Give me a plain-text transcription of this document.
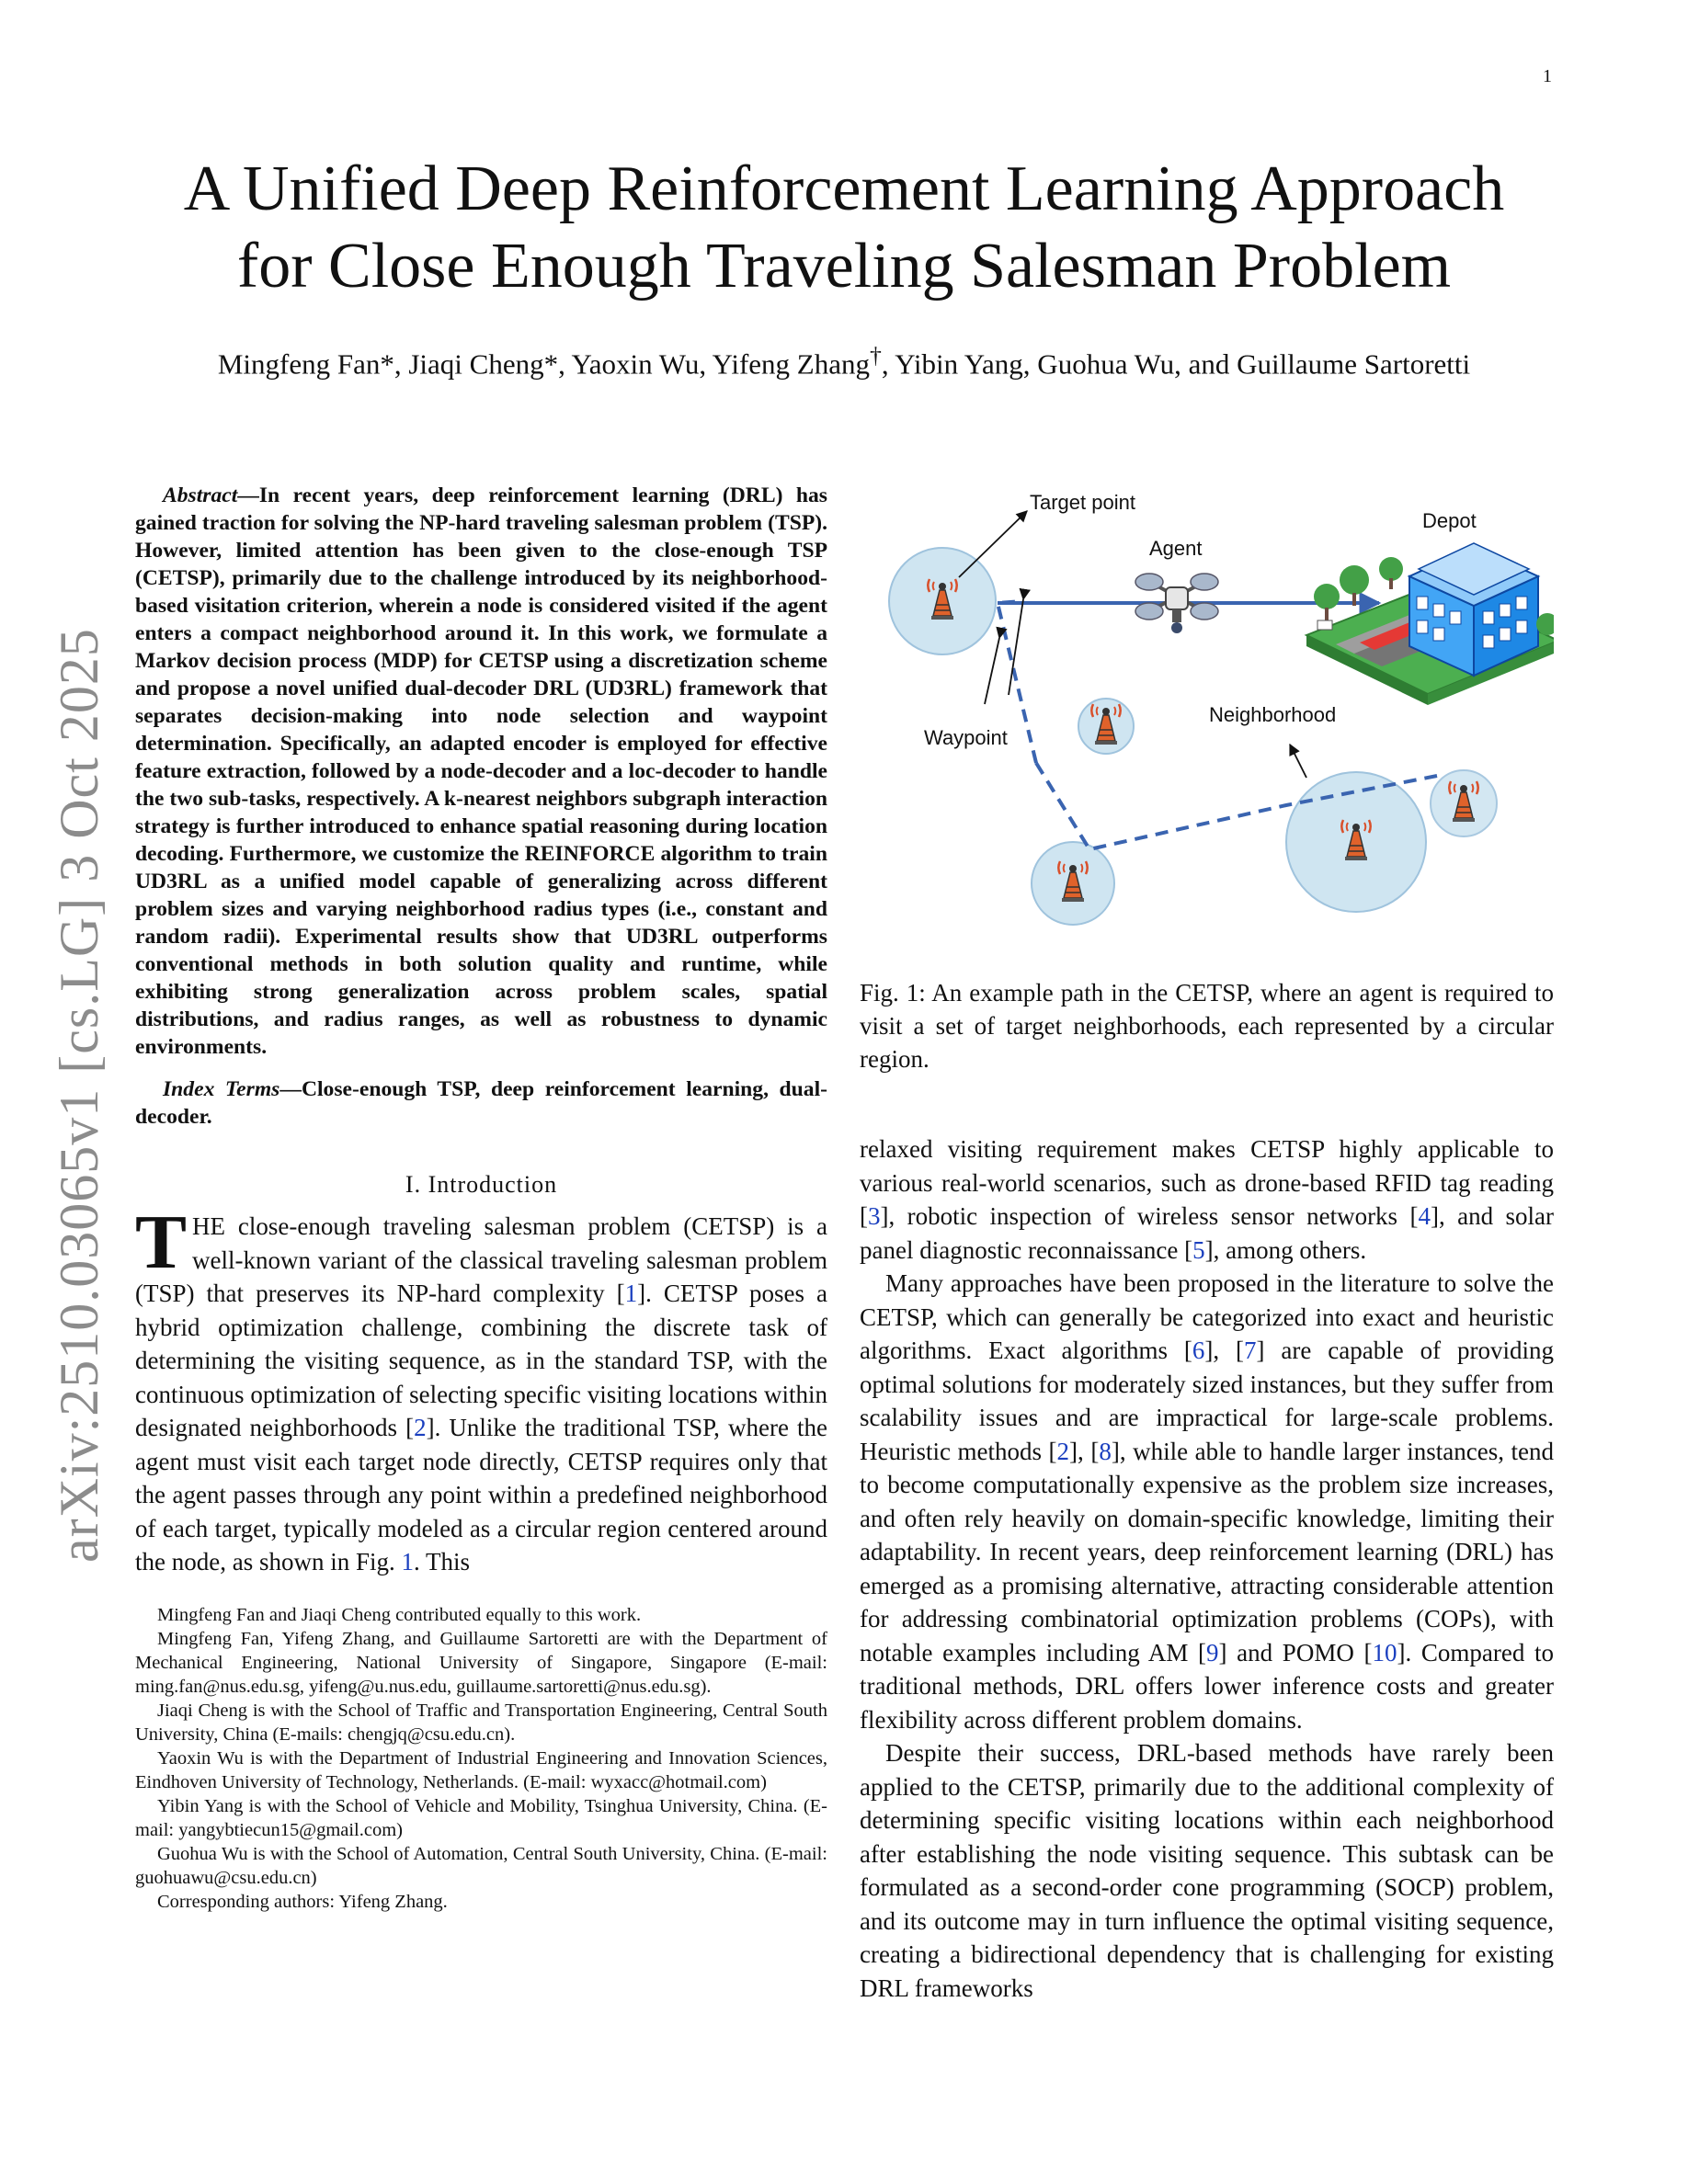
1
arXiv:2510.03065v1 [cs.LG] 3 Oct 2025
A Unified Deep Reinforcement Learning Approach
for Close Enough Traveling Salesman Problem
Mingfeng Fan*, Jiaqi Cheng*, Yaoxin Wu, Yifeng Zhang†, Yibin Yang, Guohua Wu, and Guillaume Sartoretti

Abstract—In recent years, deep reinforcement learning (DRL) has gained traction for solving the NP-hard traveling salesman problem (TSP). However, limited attention has been given to the close-enough TSP (CETSP), primarily due to the challenge introduced by its neighborhood-based visitation criterion, wherein a node is considered visited if the agent enters a compact neighborhood around it. In this work, we formulate a Markov decision process (MDP) for CETSP using a discretization scheme and propose a novel unified dual-decoder DRL (UD3RL) framework that separates decision-making into node selection and waypoint determination. Specifically, an adapted encoder is employed for effective feature extraction, followed by a node-decoder and a loc-decoder to handle the two sub-tasks, respectively. A k-nearest neighbors subgraph interaction strategy is further introduced to enhance spatial reasoning during location decoding. Furthermore, we customize the REINFORCE algorithm to train UD3RL as a unified model capable of generalizing across different problem sizes and varying neighborhood radius types (i.e., constant and random radii). Experimental results show that UD3RL outperforms conventional methods in both solution quality and runtime, while exhibiting strong generalization across problem scales, spatial distributions, and radius ranges, as well as robustness to dynamic environments.

Index Terms—Close-enough TSP, deep reinforcement learning, dual-decoder.

I. Introduction

THE close-enough traveling salesman problem (CETSP) is a well-known variant of the classical traveling salesman problem (TSP) that preserves its NP-hard complexity [1]. CETSP poses a hybrid optimization challenge, combining the discrete task of determining the visiting sequence, as in the standard TSP, with the continuous optimization of selecting specific visiting locations within designated neighborhoods [2]. Unlike the traditional TSP, where the agent must visit each target node directly, CETSP requires only that the agent passes through any point within a predefined neighborhood of each target, typically modeled as a circular region centered around the node, as shown in Fig. 1. This

Mingfeng Fan and Jiaqi Cheng contributed equally to this work.

Mingfeng Fan, Yifeng Zhang, and Guillaume Sartoretti are with the Department of Mechanical Engineering, National University of Singapore, Singapore (E-mail: ming.fan@nus.edu.sg, yifeng@u.nus.edu, guillaume.sartoretti@nus.edu.sg).

Jiaqi Cheng is with the School of Traffic and Transportation Engineering, Central South University, China (E-mails: chengjq@csu.edu.cn).

Yaoxin Wu is with the Department of Industrial Engineering and Innovation Sciences, Eindhoven University of Technology, Netherlands. (E-mail: wyxacc@hotmail.com)

Yibin Yang is with the School of Vehicle and Mobility, Tsinghua University, China. (E-mail: yangybtiecun15@gmail.com)

Guohua Wu is with the School of Automation, Central South University, China. (E-mail: guohuawu@csu.edu.cn)

Corresponding authors: Yifeng Zhang.

Target point
Agent
Depot
Waypoint
Neighborhood

Fig. 1: An example path in the CETSP, where an agent is required to visit a set of target neighborhoods, each represented by a circular region.

relaxed visiting requirement makes CETSP highly applicable to various real-world scenarios, such as drone-based RFID tag reading [3], robotic inspection of wireless sensor networks [4], and solar panel diagnostic reconnaissance [5], among others.

Many approaches have been proposed in the literature to solve the CETSP, which can generally be categorized into exact and heuristic algorithms. Exact algorithms [6], [7] are capable of providing optimal solutions for moderately sized instances, but they suffer from scalability issues and are impractical for large-scale problems. Heuristic methods [2], [8], while able to handle larger instances, tend to become computationally expensive as the problem size increases, and often rely heavily on domain-specific knowledge, limiting their adaptability. In recent years, deep reinforcement learning (DRL) has emerged as a promising alternative, attracting considerable attention for addressing combinatorial optimization problems (COPs), with notable examples including AM [9] and POMO [10]. Compared to traditional methods, DRL offers lower inference costs and greater flexibility across different problem domains.

Despite their success, DRL-based methods have rarely been applied to the CETSP, primarily due to the additional complexity of determining specific visiting locations within each neighborhood after establishing the node visiting sequence. This subtask can be formulated as a second-order cone programming (SOCP) problem, and its outcome may in turn influence the optimal visiting sequence, creating a bidirectional dependency that is challenging for existing DRL frameworks
